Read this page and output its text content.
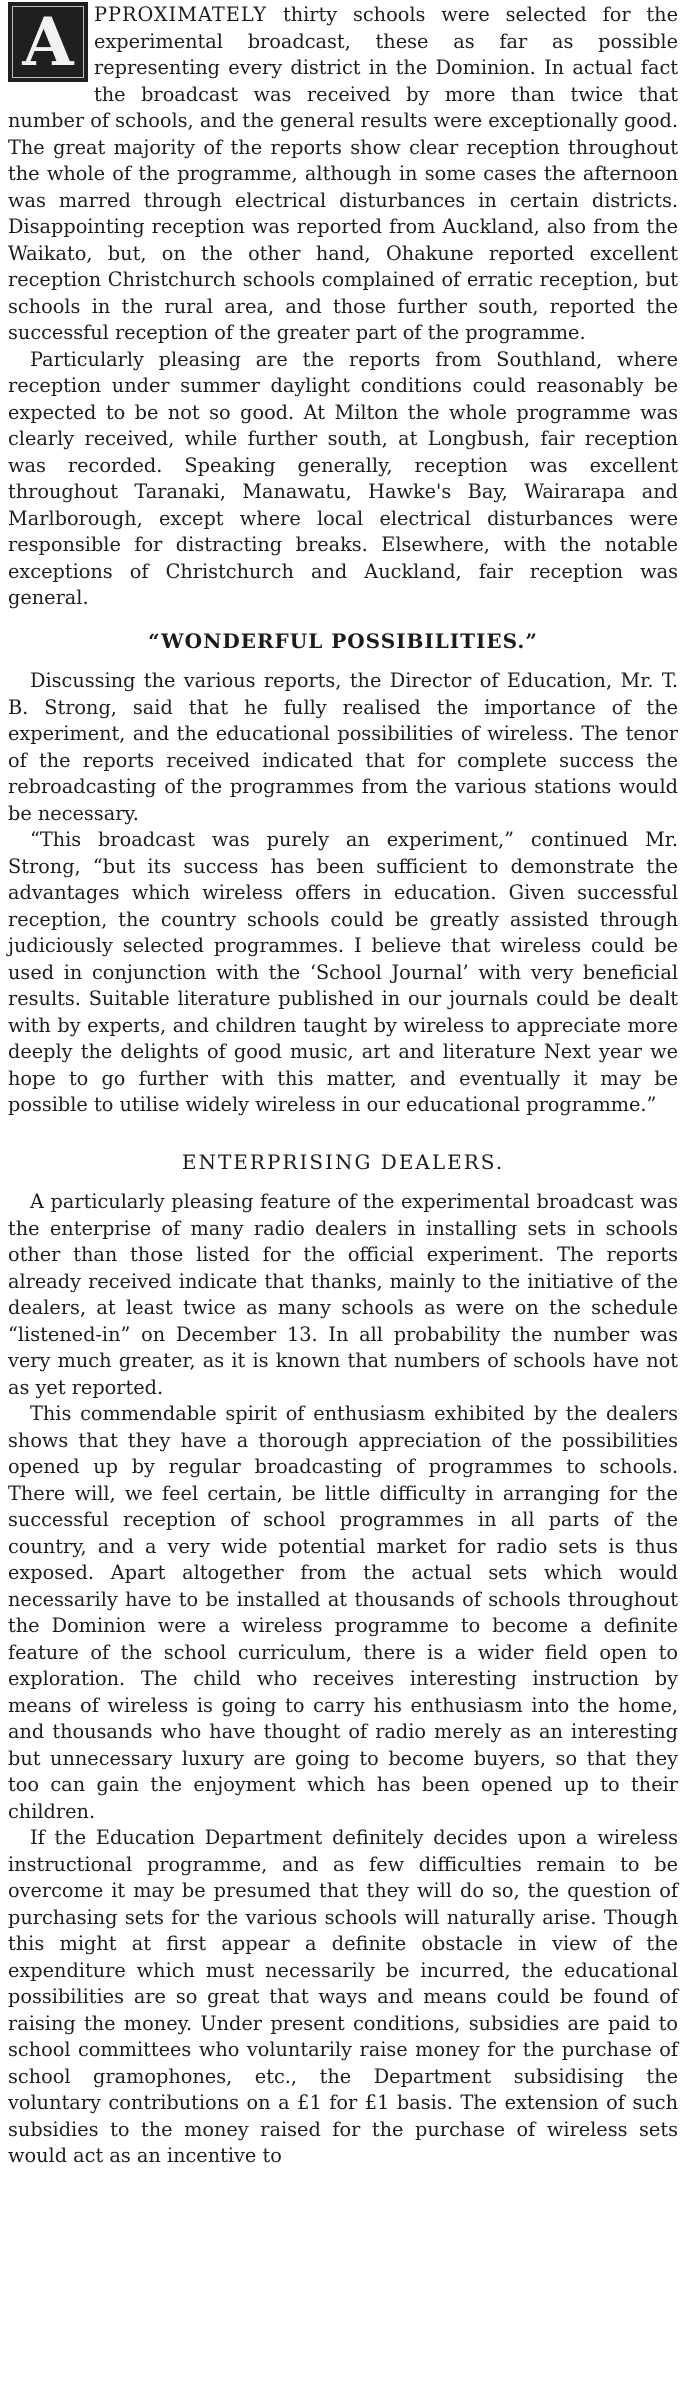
A	PPROXIMATELY thirty schools were selected for the experimental broadcast, these as far as possible representing every district in the Dominion. In actual fact the broadcast was received by more than twice that number of schools, and the general results were exceptionally good. The great majority of the reports show clear reception throughout the whole of the programme, although in some cases the afternoon was marred through electrical disturbances in certain districts. Disappointing reception was reported from Auckland, also from the Waikato, but, on the other hand, Ohakune reported excellent reception Christchurch schools complained of erratic reception, but schools in the rural area, and those further south, reported the successful reception of the greater part of the programme.

Particularly pleasing are the reports from Southland, where reception under summer daylight conditions could reasonably be expected to be not so good. At Milton the whole programme was clearly received, while further south, at Longbush, fair reception was recorded. Speaking generally, reception was excellent throughout Taranaki, Manawatu, Hawke's Bay, Wairarapa and Marlborough, except where local electrical disturbances were responsible for distracting breaks. Elsewhere, with the notable exceptions of Christchurch and Auckland, fair reception was general.

“WONDERFUL POSSIBILITIES.”

Discussing the various reports, the Director of Education, Mr. T. B. Strong, said that he fully realised the importance of the experiment, and the educational possibilities of wireless. The tenor of the reports received indicated that for complete success the rebroadcasting of the programmes from the various stations would be necessary.

“This broadcast was purely an experiment,” continued Mr. Strong, “but its success has been sufficient to demonstrate the advantages which wireless offers in education. Given successful reception, the country schools could be greatly assisted through judiciously selected programmes. I believe that wireless could be used in conjunction with the ‘School Journal’ with very beneficial results. Suitable literature published in our journals could be dealt with by experts, and children taught by wireless to appreciate more deeply the delights of good music, art and literature Next year we hope to go further with this matter, and eventually it may be possible to utilise widely wireless in our educational programme.”

ENTERPRISING DEALERS.

A particularly pleasing feature of the experimental broadcast was the enterprise of many radio dealers in installing sets in schools other than those listed for the official experiment. The reports already received indicate that thanks, mainly to the initiative of the dealers, at least twice as many schools as were on the schedule “listened-in” on December 13. In all probability the number was very much greater, as it is known that numbers of schools have not as yet reported.

This commendable spirit of enthusiasm exhibited by the dealers shows that they have a thorough appreciation of the possibilities opened up by regular broadcasting of programmes to schools. There will, we feel certain, be little difficulty in arranging for the successful reception of school programmes in all parts of the country, and a very wide potential market for radio sets is thus exposed. Apart altogether from the actual sets which would necessarily have to be installed at thousands of schools throughout the Dominion were a wireless programme to become a definite feature of the school curriculum, there is a wider field open to exploration. The child who receives interesting instruction by means of wireless is going to carry his enthusiasm into the home, and thousands who have thought of radio merely as an interesting but unnecessary luxury are going to become buyers, so that they too can gain the enjoyment which has been opened up to their children.

If the Education Department definitely decides upon a wireless instructional programme, and as few difficulties remain to be overcome it may be presumed that they will do so, the question of purchasing sets for the various schools will naturally arise. Though this might at first appear a definite obstacle in view of the expenditure which must necessarily be incurred, the educational possibilities are so great that ways and means could be found of raising the money. Under present conditions, subsidies are paid to school committees who voluntarily raise money for the purchase of school gramophones, etc., the Department subsidising the voluntary contributions on a £1 for £1 basis. The extension of such subsidies to the money raised for the purchase of wireless sets would act as an incentive to
